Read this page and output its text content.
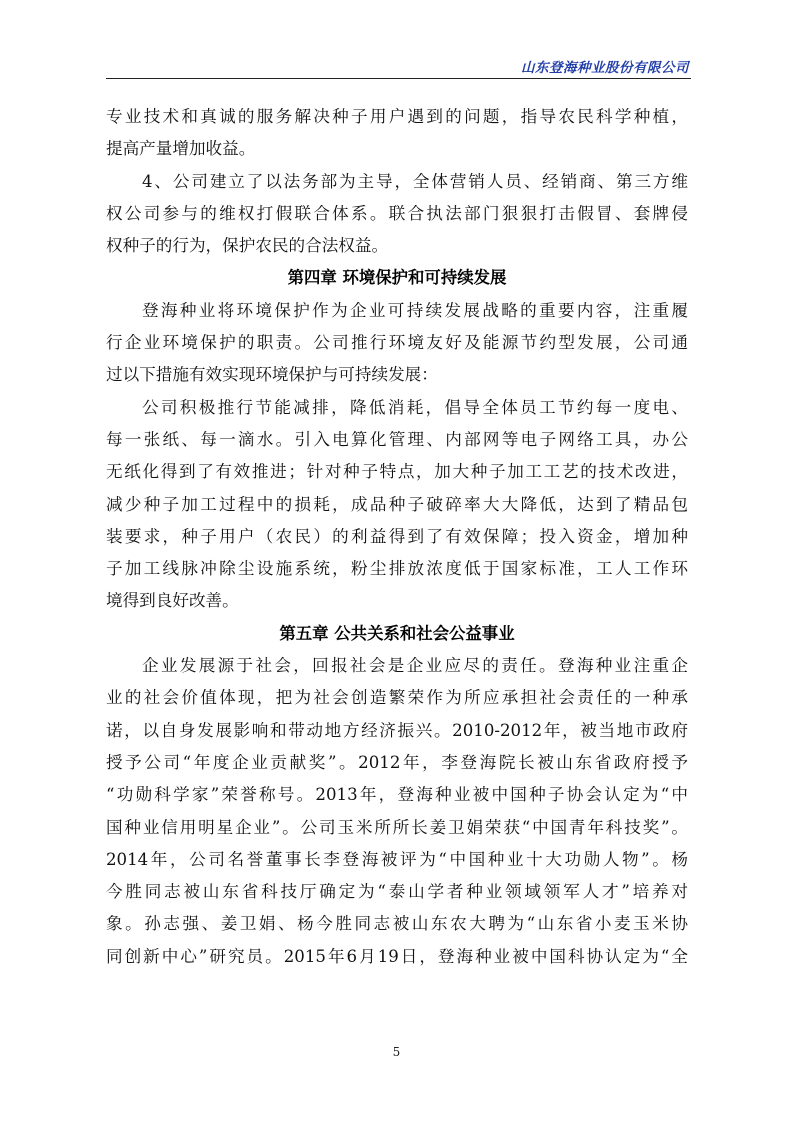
山东登海种业股份有限公司

专业技术和真诚的服务解决种子用户遇到的问题，指导农民科学种植，

提高产量增加收益。

4、公司建立了以法务部为主导，全体营销人员、经销商、第三方维

权公司参与的维权打假联合体系。联合执法部门狠狠打击假冒、套牌侵

权种子的行为，保护农民的合法权益。

第四章 环境保护和可持续发展

登海种业将环境保护作为企业可持续发展战略的重要内容，注重履

行企业环境保护的职责。公司推行环境友好及能源节约型发展，公司通

过以下措施有效实现环境保护与可持续发展：

公司积极推行节能减排，降低消耗，倡导全体员工节约每一度电、

每一张纸、每一滴水。引入电算化管理、内部网等电子网络工具，办公

无纸化得到了有效推进；针对种子特点，加大种子加工工艺的技术改进，

减少种子加工过程中的损耗，成品种子破碎率大大降低，达到了精品包

装要求，种子用户（农民）的利益得到了有效保障；投入资金，增加种

子加工线脉冲除尘设施系统，粉尘排放浓度低于国家标准，工人工作环

境得到良好改善。

第五章 公共关系和社会公益事业

企业发展源于社会，回报社会是企业应尽的责任。登海种业注重企

业的社会价值体现，把为社会创造繁荣作为所应承担社会责任的一种承

诺，以自身发展影响和带动地方经济振兴。2010-2012年，被当地市政府

授予公司“年度企业贡献奖”。2012年，李登海院长被山东省政府授予

“功勋科学家”荣誉称号。2013年，登海种业被中国种子协会认定为“中

国种业信用明星企业”。公司玉米所所长姜卫娟荣获“中国青年科技奖”。

2014年，公司名誉董事长李登海被评为“中国种业十大功勋人物”。杨

今胜同志被山东省科技厅确定为“泰山学者种业领域领军人才”培养对

象。孙志强、姜卫娟、杨今胜同志被山东农大聘为“山东省小麦玉米协

同创新中心”研究员。2015年6月19日，登海种业被中国科协认定为“全

5
